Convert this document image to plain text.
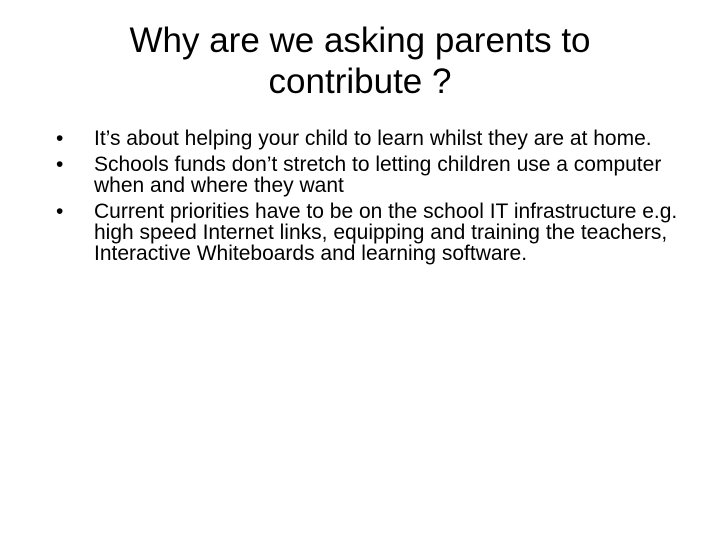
Why are we asking parents to
contribute ?
• It’s about helping your child to learn whilst they are at home.
• Schools funds don’t stretch to letting children use a computer when and where they want
• Current priorities have to be on the school IT infrastructure e.g. high speed Internet links, equipping and training the teachers, Interactive Whiteboards and learning software.
